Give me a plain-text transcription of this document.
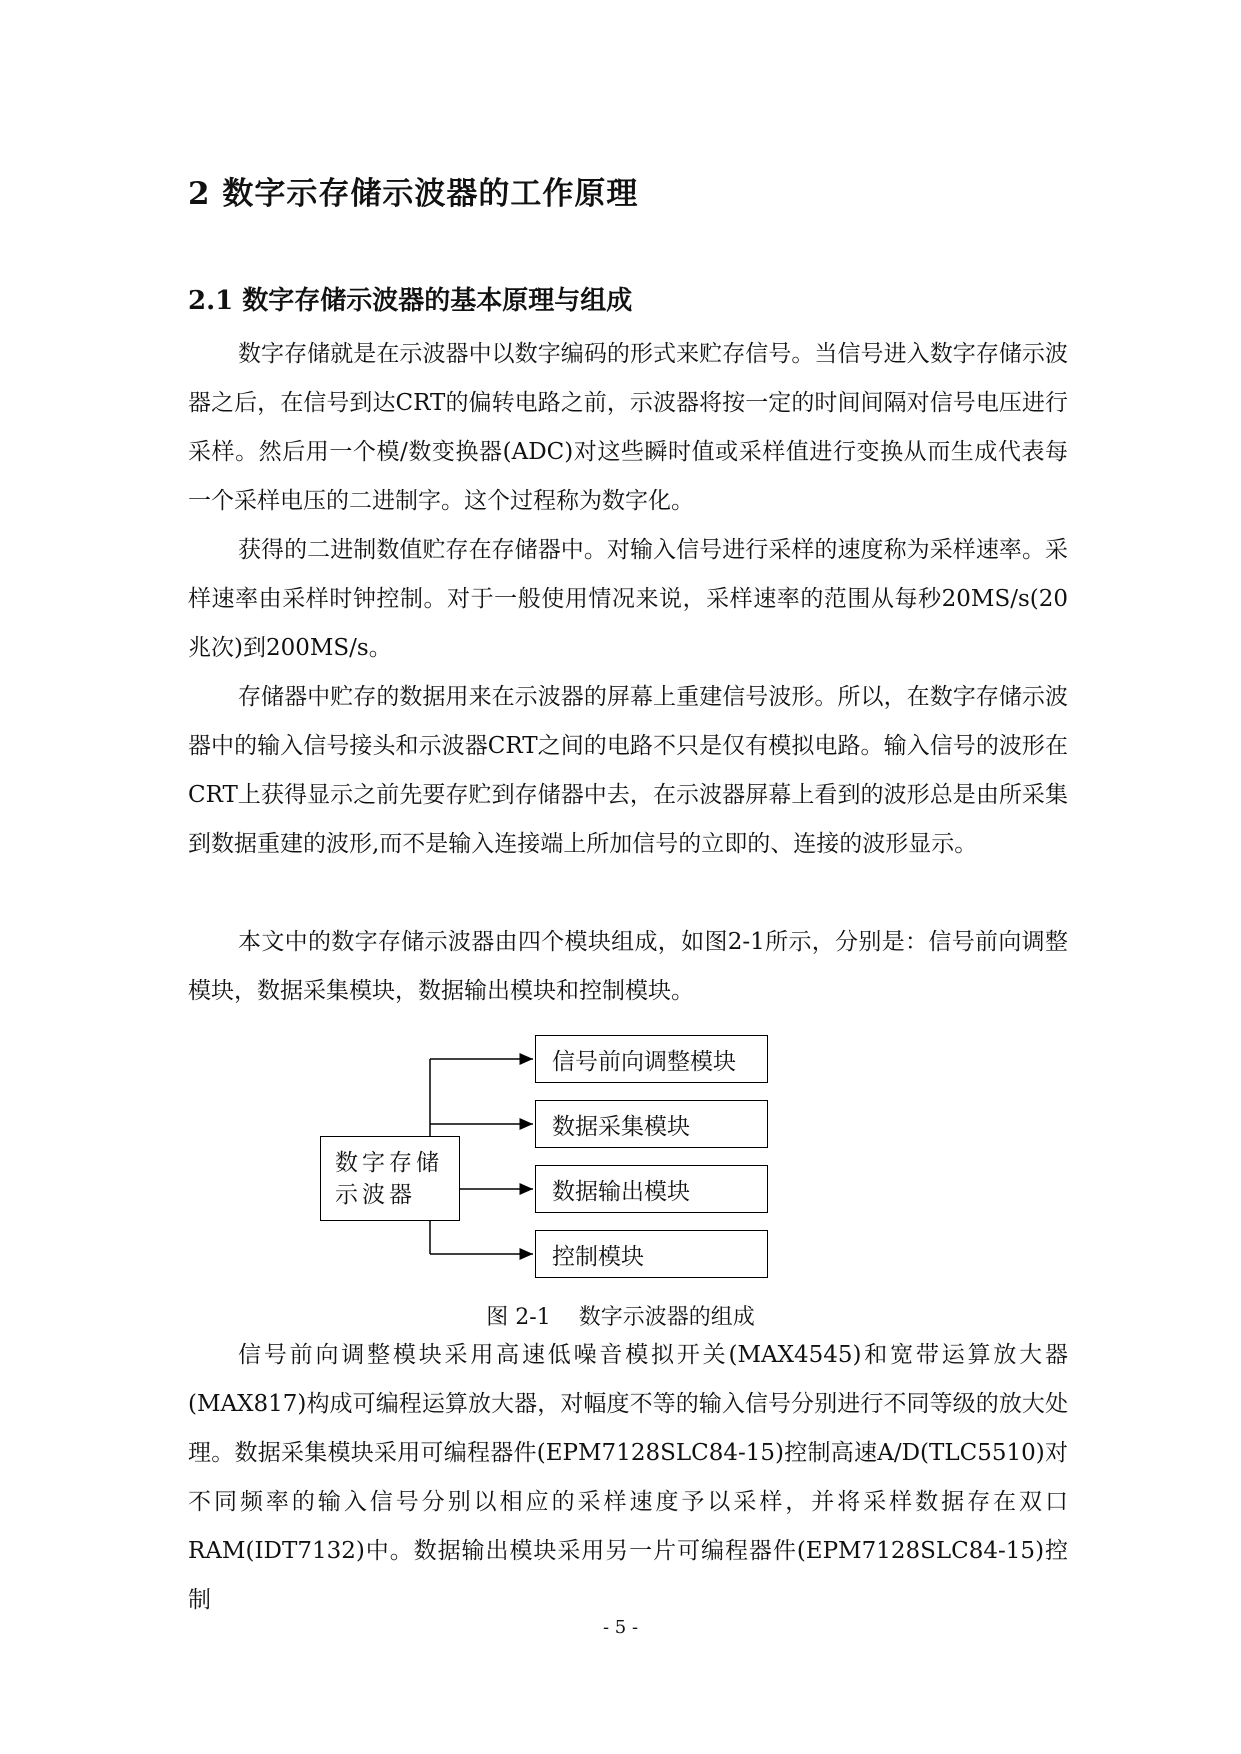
2 数字示存储示波器的工作原理
2.1 数字存储示波器的基本原理与组成

数字存储就是在示波器中以数字编码的形式来贮存信号。当信号进入数字存储示波器之后，在信号到达CRT的偏转电路之前，示波器将按一定的时间间隔对信号电压进行采样。然后用一个模/数变换器(ADC)对这些瞬时值或采样值进行变换从而生成代表每一个采样电压的二进制字。这个过程称为数字化。

获得的二进制数值贮存在存储器中。对输入信号进行采样的速度称为采样速率。采样速率由采样时钟控制。对于一般使用情况来说，采样速率的范围从每秒20MS/s(20兆次)到200MS/s。

存储器中贮存的数据用来在示波器的屏幕上重建信号波形。所以，在数字存储示波器中的输入信号接头和示波器CRT之间的电路不只是仅有模拟电路。输入信号的波形在CRT上获得显示之前先要存贮到存储器中去，在示波器屏幕上看到的波形总是由所采集到数据重建的波形,而不是输入连接端上所加信号的立即的、连接的波形显示。

本文中的数字存储示波器由四个模块组成，如图2-1所示，分别是：信号前向调整模块，数据采集模块，数据输出模块和控制模块。

数字存储示波器
信号前向调整模块
数据采集模块
数据输出模块
控制模块

图 2-1    数字示波器的组成

信号前向调整模块采用高速低噪音模拟开关(MAX4545)和宽带运算放大器(MAX817)构成可编程运算放大器，对幅度不等的输入信号分别进行不同等级的放大处理。数据采集模块采用可编程器件(EPM7128SLC84-15)控制高速A/D(TLC5510)对不同频率的输入信号分别以相应的采样速度予以采样，并将采样数据存在双口RAM(IDT7132)中。数据输出模块采用另一片可编程器件(EPM7128SLC84-15)控制

- 5 -
